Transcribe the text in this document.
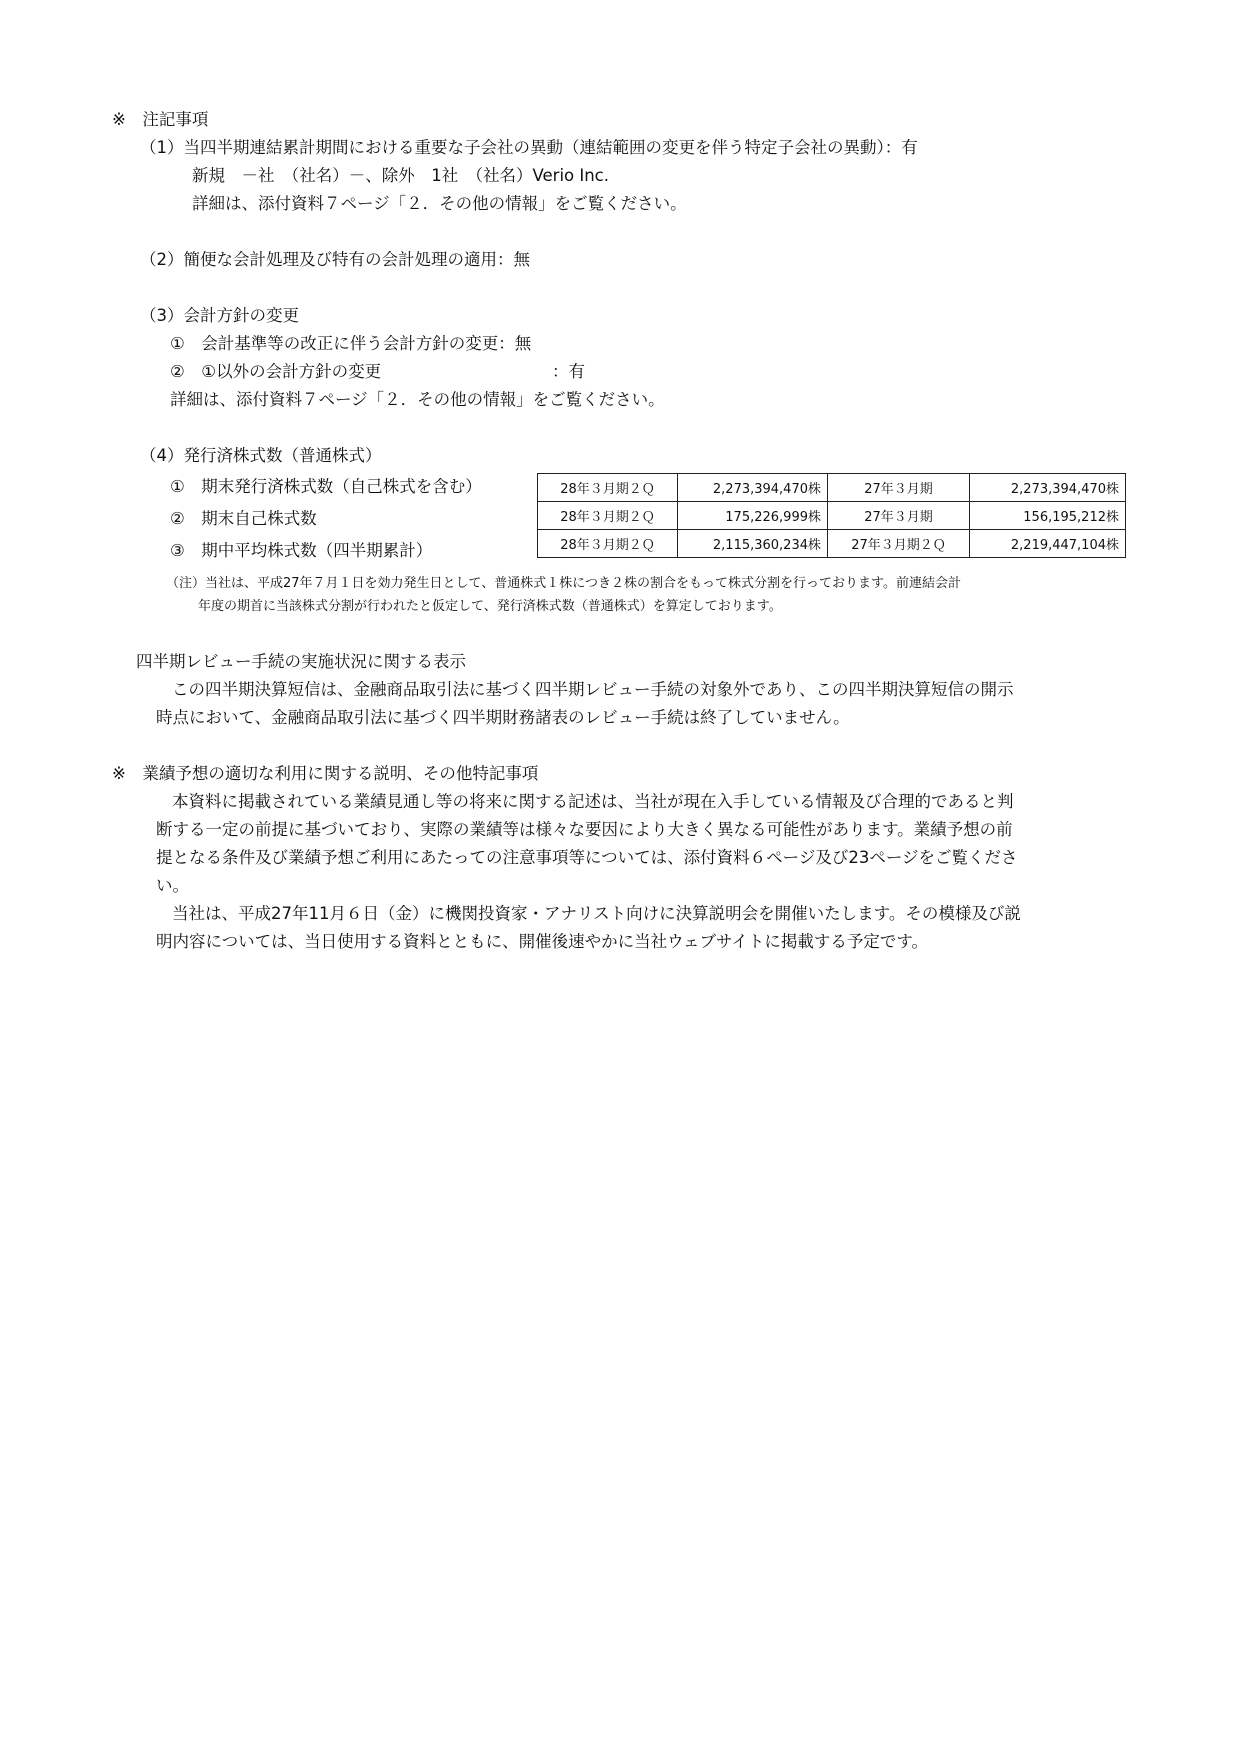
※　注記事項
（1）当四半期連結累計期間における重要な子会社の異動（連結範囲の変更を伴う特定子会社の異動）：有
新規　－社　（社名）－、除外　1社　（社名）Verio Inc.
詳細は、添付資料７ページ「２．その他の情報」をご覧ください。
（2）簡便な会計処理及び特有の会計処理の適用：無
（3）会計方針の変更
①　会計基準等の改正に伴う会計方針の変更：無
②　①以外の会計方針の変更	：有
詳細は、添付資料７ページ「２．その他の情報」をご覧ください。
（4）発行済株式数（普通株式）
①　期末発行済株式数（自己株式を含む）
②　期末自己株式数
③　期中平均株式数（四半期累計）
28年３月期２Ｑ	2,273,394,470株	27年３月期	2,273,394,470株
28年３月期２Ｑ	175,226,999株	27年３月期	156,195,212株
28年３月期２Ｑ	2,115,360,234株	27年３月期２Ｑ	2,219,447,104株
（注）当社は、平成27年７月１日を効力発生日として、普通株式１株につき２株の割合をもって株式分割を行っております。前連結会計
年度の期首に当該株式分割が行われたと仮定して、発行済株式数（普通株式）を算定しております。
四半期レビュー手続の実施状況に関する表示
この四半期決算短信は、金融商品取引法に基づく四半期レビュー手続の対象外であり、この四半期決算短信の開示
時点において、金融商品取引法に基づく四半期財務諸表のレビュー手続は終了していません。
※　業績予想の適切な利用に関する説明、その他特記事項
本資料に掲載されている業績見通し等の将来に関する記述は、当社が現在入手している情報及び合理的であると判
断する一定の前提に基づいており、実際の業績等は様々な要因により大きく異なる可能性があります。業績予想の前
提となる条件及び業績予想ご利用にあたっての注意事項等については、添付資料６ページ及び23ページをご覧くださ
い。
当社は、平成27年11月６日（金）に機関投資家・アナリスト向けに決算説明会を開催いたします。その模様及び説
明内容については、当日使用する資料とともに、開催後速やかに当社ウェブサイトに掲載する予定です。
